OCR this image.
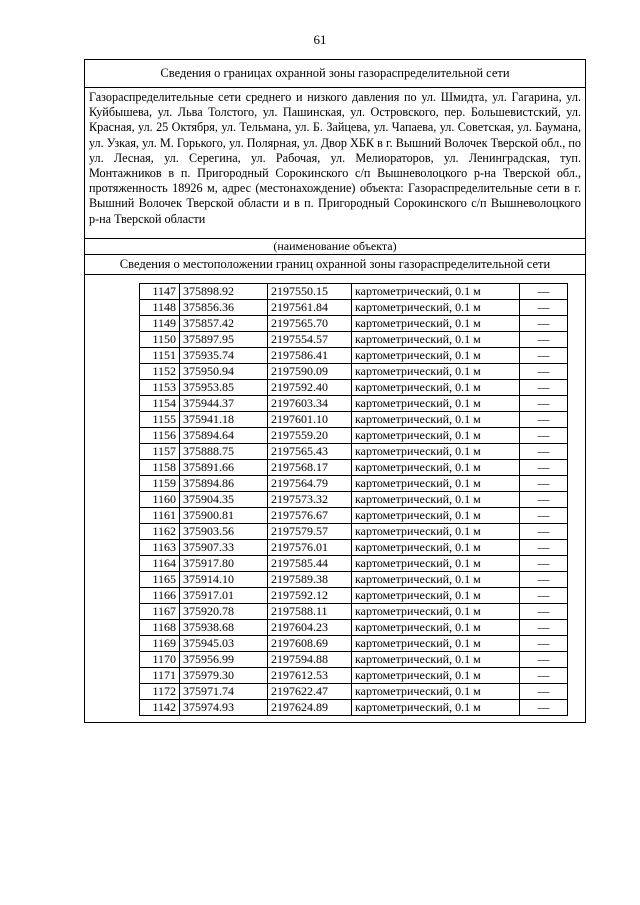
61
Сведения о границах охранной зоны газораспределительной сети
Газораспределительные сети среднего и низкого давления по ул. Шмидта, ул. Гагарина, ул. Куйбышева, ул. Льва Толстого, ул. Пашинская, ул. Островского, пер. Большевистский, ул. Красная, ул. 25 Октября, ул. Тельмана, ул. Б. Зайцева, ул. Чапаева, ул. Советская, ул. Баумана, ул. Узкая, ул. М. Горького, ул. Полярная, ул. Двор ХБК в г. Вышний Волочек Тверской обл., по ул. Лесная, ул. Серегина, ул. Рабочая, ул. Мелиораторов, ул. Ленинградская, туп. Монтажников в п. Пригородный Сорокинского с/п Вышневолоцкого р-на Тверской обл., протяженность 18926 м, адрес (местонахождение) объекта: Газораспределительные сети в г. Вышний Волочек Тверской области и в п. Пригородный Сорокинского с/п Вышневолоцкого р-на Тверской области
(наименование объекта)
Сведения о местоположении границ охранной зоны газораспределительной сети
1147	375898.92	2197550.15	картометрический, 0.1 м	—
1148	375856.36	2197561.84	картометрический, 0.1 м	—
1149	375857.42	2197565.70	картометрический, 0.1 м	—
1150	375897.95	2197554.57	картометрический, 0.1 м	—
1151	375935.74	2197586.41	картометрический, 0.1 м	—
1152	375950.94	2197590.09	картометрический, 0.1 м	—
1153	375953.85	2197592.40	картометрический, 0.1 м	—
1154	375944.37	2197603.34	картометрический, 0.1 м	—
1155	375941.18	2197601.10	картометрический, 0.1 м	—
1156	375894.64	2197559.20	картометрический, 0.1 м	—
1157	375888.75	2197565.43	картометрический, 0.1 м	—
1158	375891.66	2197568.17	картометрический, 0.1 м	—
1159	375894.86	2197564.79	картометрический, 0.1 м	—
1160	375904.35	2197573.32	картометрический, 0.1 м	—
1161	375900.81	2197576.67	картометрический, 0.1 м	—
1162	375903.56	2197579.57	картометрический, 0.1 м	—
1163	375907.33	2197576.01	картометрический, 0.1 м	—
1164	375917.80	2197585.44	картометрический, 0.1 м	—
1165	375914.10	2197589.38	картометрический, 0.1 м	—
1166	375917.01	2197592.12	картометрический, 0.1 м	—
1167	375920.78	2197588.11	картометрический, 0.1 м	—
1168	375938.68	2197604.23	картометрический, 0.1 м	—
1169	375945.03	2197608.69	картометрический, 0.1 м	—
1170	375956.99	2197594.88	картометрический, 0.1 м	—
1171	375979.30	2197612.53	картометрический, 0.1 м	—
1172	375971.74	2197622.47	картометрический, 0.1 м	—
1142	375974.93	2197624.89	картометрический, 0.1 м	—
